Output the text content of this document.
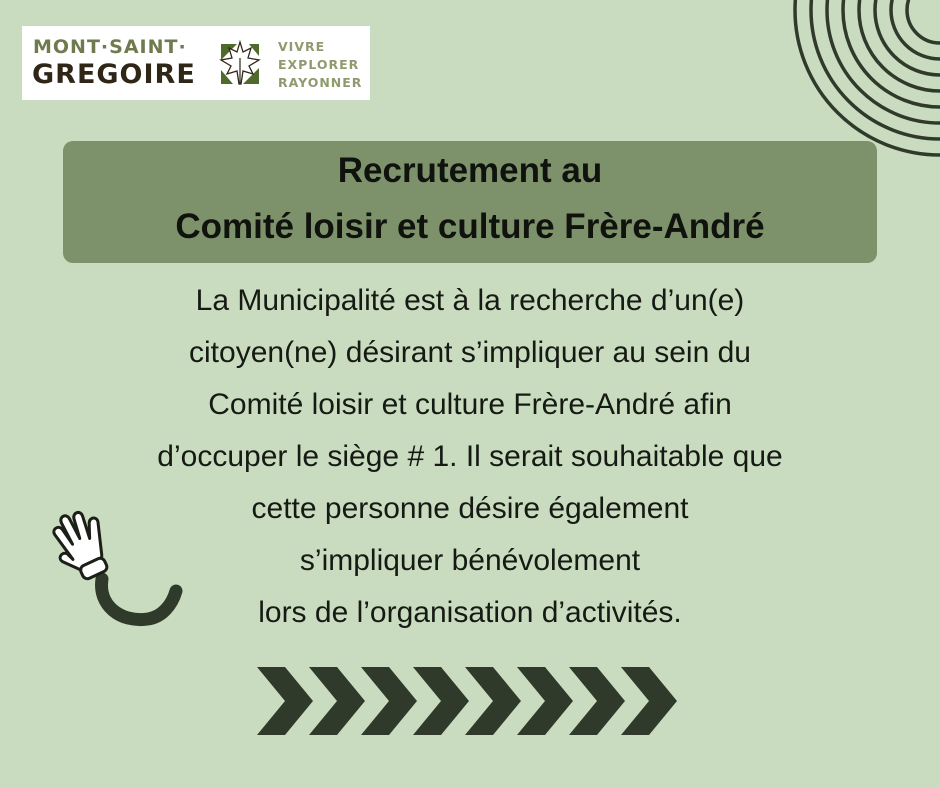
MONT·SAINT·
GREGOIRE
VIVRE
EXPLORER
RAYONNER
Recrutement au
Comité loisir et culture Frère-André
La Municipalité est à la recherche d’un(e)
citoyen(ne) désirant s’impliquer au sein du
Comité loisir et culture Frère-André afin
d’occuper le siège # 1. Il serait souhaitable que
cette personne désire également
s’impliquer bénévolement
lors de l’organisation d’activités.
